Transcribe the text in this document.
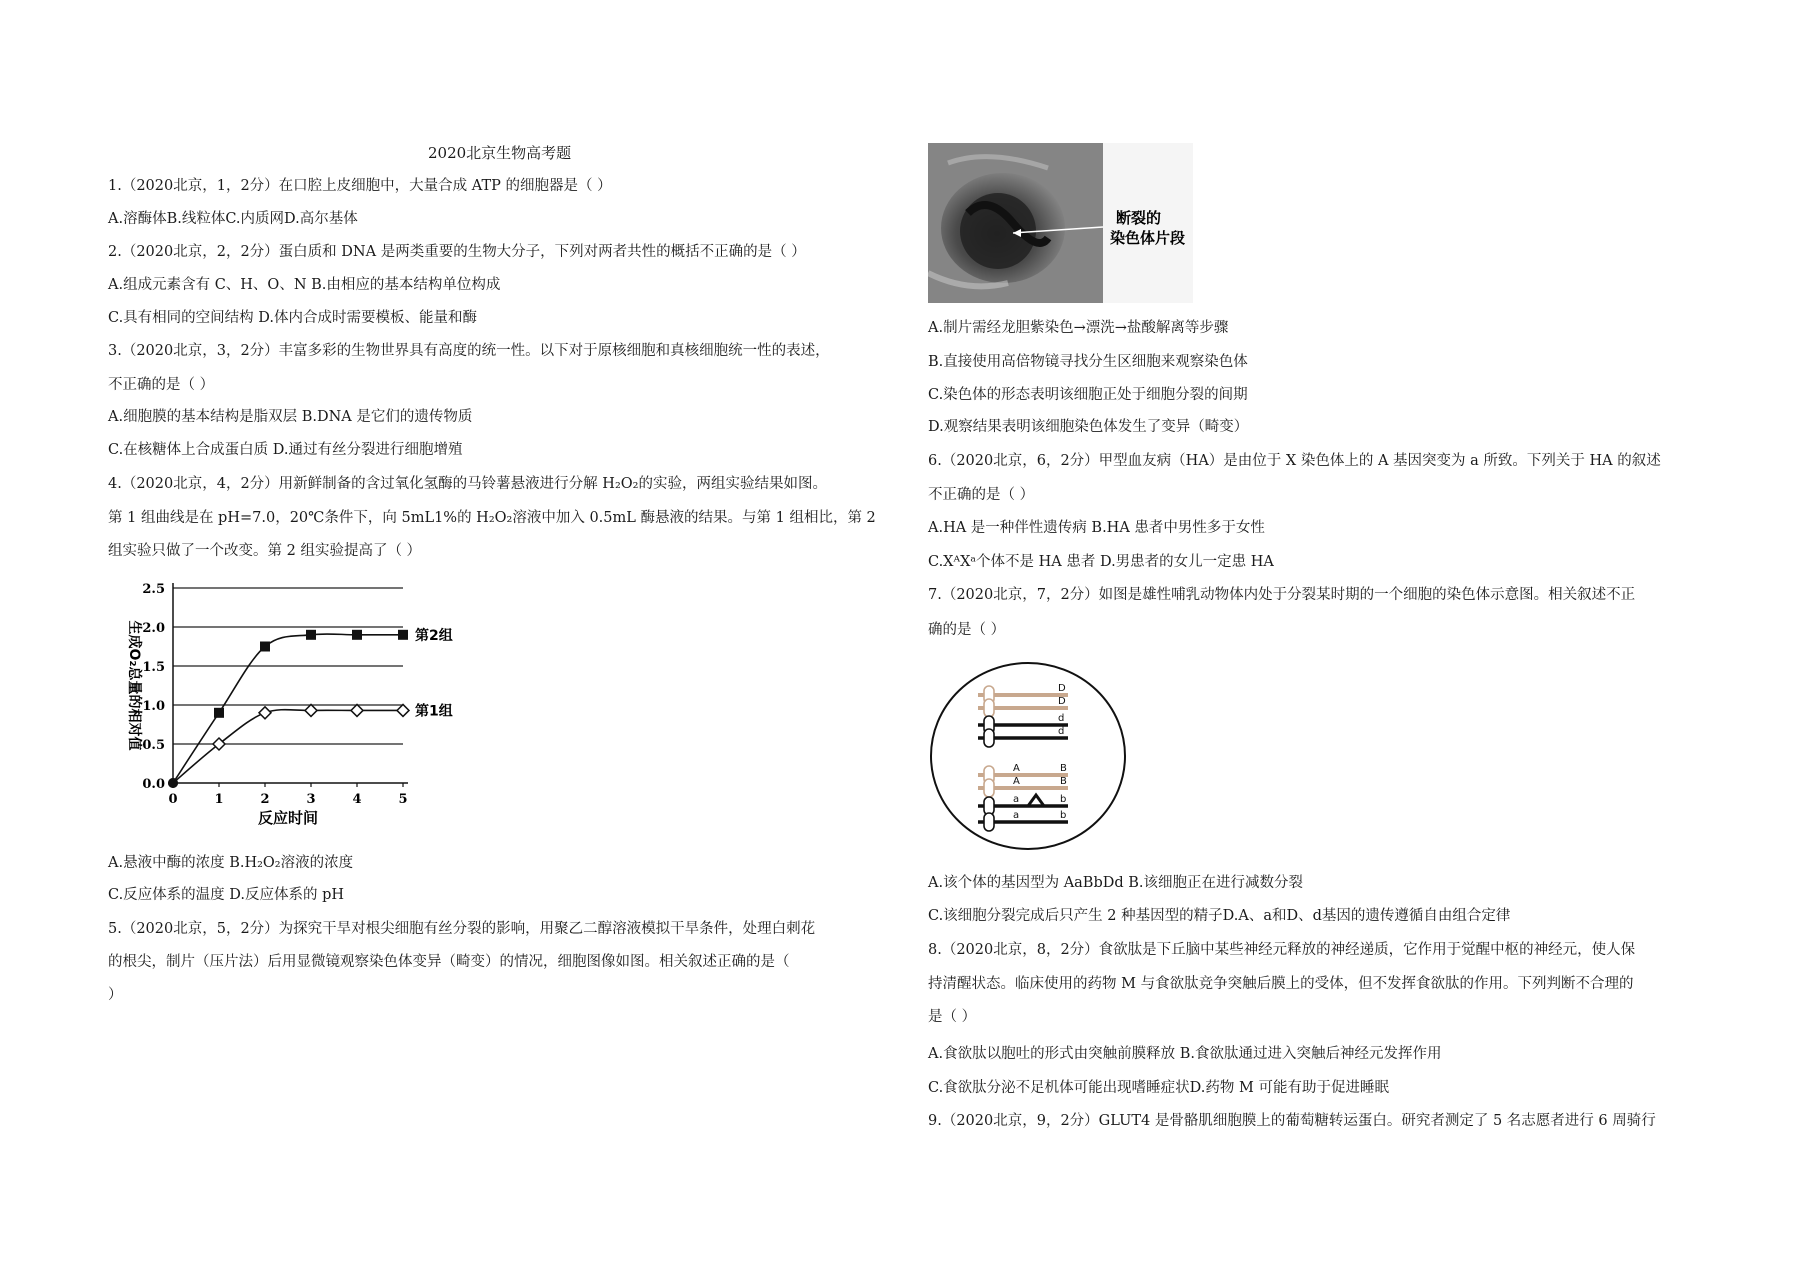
2020北京生物高考题
1.（2020北京，1，2分）在口腔上皮细胞中，大量合成 ATP 的细胞器是（ ）
A.溶酶体B.线粒体C.内质网D.高尔基体
2.（2020北京，2，2分）蛋白质和 DNA 是两类重要的生物大分子，下列对两者共性的概括不正确的是（ ）
A.组成元素含有 C、H、O、N B.由相应的基本结构单位构成
C.具有相同的空间结构 D.体内合成时需要模板、能量和酶
3.（2020北京，3，2分）丰富多彩的生物世界具有高度的统一性。以下对于原核细胞和真核细胞统一性的表述，
不正确的是（ ）
A.细胞膜的基本结构是脂双层 B.DNA 是它们的遗传物质
C.在核糖体上合成蛋白质 D.通过有丝分裂进行细胞增殖
4.（2020北京，4，2分）用新鲜制备的含过氧化氢酶的马铃薯悬液进行分解 H₂O₂的实验，两组实验结果如图。
第 1 组曲线是在 pH=7.0，20℃条件下，向 5mL1%的 H₂O₂溶液中加入 0.5mL 酶悬液的结果。与第 1 组相比，第 2
组实验只做了一个改变。第 2 组实验提高了（ ）
0.0
0.5
1.0
1.5
2.0
2.5
0	1	2	3	4	5
反应时间
生成O₂总量的相对值	第2组
第1组
A.悬液中酶的浓度 B.H₂O₂溶液的浓度
C.反应体系的温度 D.反应体系的 pH
5.（2020北京，5，2分）为探究干旱对根尖细胞有丝分裂的影响，用聚乙二醇溶液模拟干旱条件，处理白刺花
的根尖，制片（压片法）后用显微镜观察染色体变异（畸变）的情况，细胞图像如图。相关叙述正确的是（
）
断裂的
染色体片段
A.制片需经龙胆紫染色→漂洗→盐酸解离等步骤
B.直接使用高倍物镜寻找分生区细胞来观察染色体
C.染色体的形态表明该细胞正处于细胞分裂的间期
D.观察结果表明该细胞染色体发生了变异（畸变）
6.（2020北京，6，2分）甲型血友病（HA）是由位于 X 染色体上的 A 基因突变为 a 所致。下列关于 HA 的叙述
不正确的是（ ）
A.HA 是一种伴性遗传病 B.HA 患者中男性多于女性
C.XᴬXᵃ个体不是 HA 患者 D.男患者的女儿一定患 HA
7.（2020北京，7，2分）如图是雄性哺乳动物体内处于分裂某时期的一个细胞的染色体示意图。相关叙述不正
确的是（ ）
D
D
d
d
A	B
A	B
a	b
a	b
A.该个体的基因型为 AaBbDd B.该细胞正在进行减数分裂
C.该细胞分裂完成后只产生 2 种基因型的精子D.A、a和D、d基因的遗传遵循自由组合定律
8.（2020北京，8，2分）食欲肽是下丘脑中某些神经元释放的神经递质，它作用于觉醒中枢的神经元，使人保
持清醒状态。临床使用的药物 M 与食欲肽竞争突触后膜上的受体，但不发挥食欲肽的作用。下列判断不合理的
是（ ）
A.食欲肽以胞吐的形式由突触前膜释放 B.食欲肽通过进入突触后神经元发挥作用
C.食欲肽分泌不足机体可能出现嗜睡症状D.药物 M 可能有助于促进睡眠
9.（2020北京，9，2分）GLUT4 是骨骼肌细胞膜上的葡萄糖转运蛋白。研究者测定了 5 名志愿者进行 6 周骑行
